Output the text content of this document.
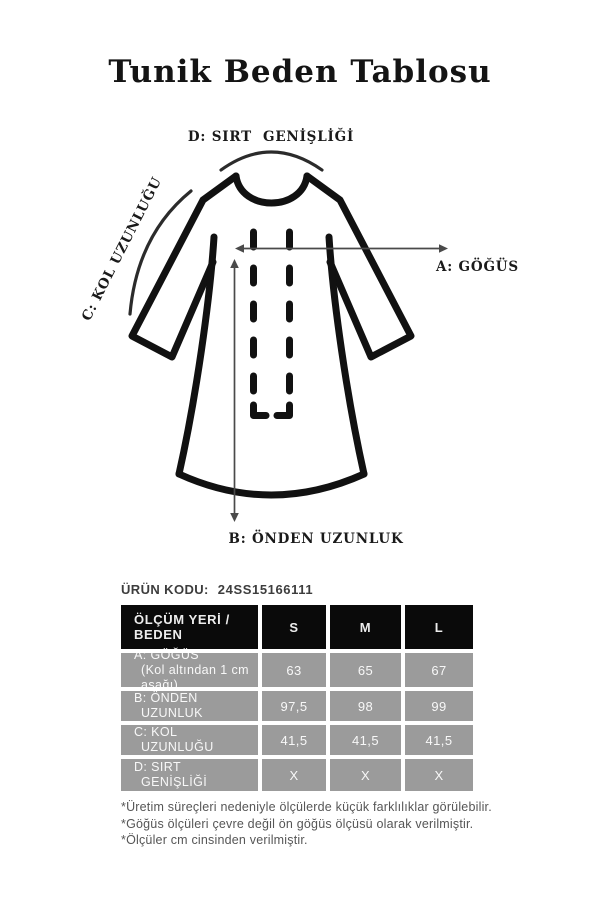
Tunik Beden Tablosu
D: SIRT  GENİŞLİĞİ
C: KOL UZUNLUĞU	A: GÖĞÜS
B: ÖNDEN UZUNLUK
ÜRÜN KODU: 24SS15166111
ÖLÇÜM YERİ / BEDEN	S	M	L
A: GÖĞÜS
(Kol altından 1 cm aşağı)
63	65	67
B: ÖNDEN
UZUNLUK	97,5	98	99
C: KOL
UZUNLUĞU	41,5	41,5	41,5
D: SIRT
GENİŞLİĞİ	X	X	X
*Üretim süreçleri nedeniyle ölçülerde küçük farklılıklar görülebilir.
*Göğüs ölçüleri çevre değil ön göğüs ölçüsü olarak verilmiştir.
*Ölçüler cm cinsinden verilmiştir.
